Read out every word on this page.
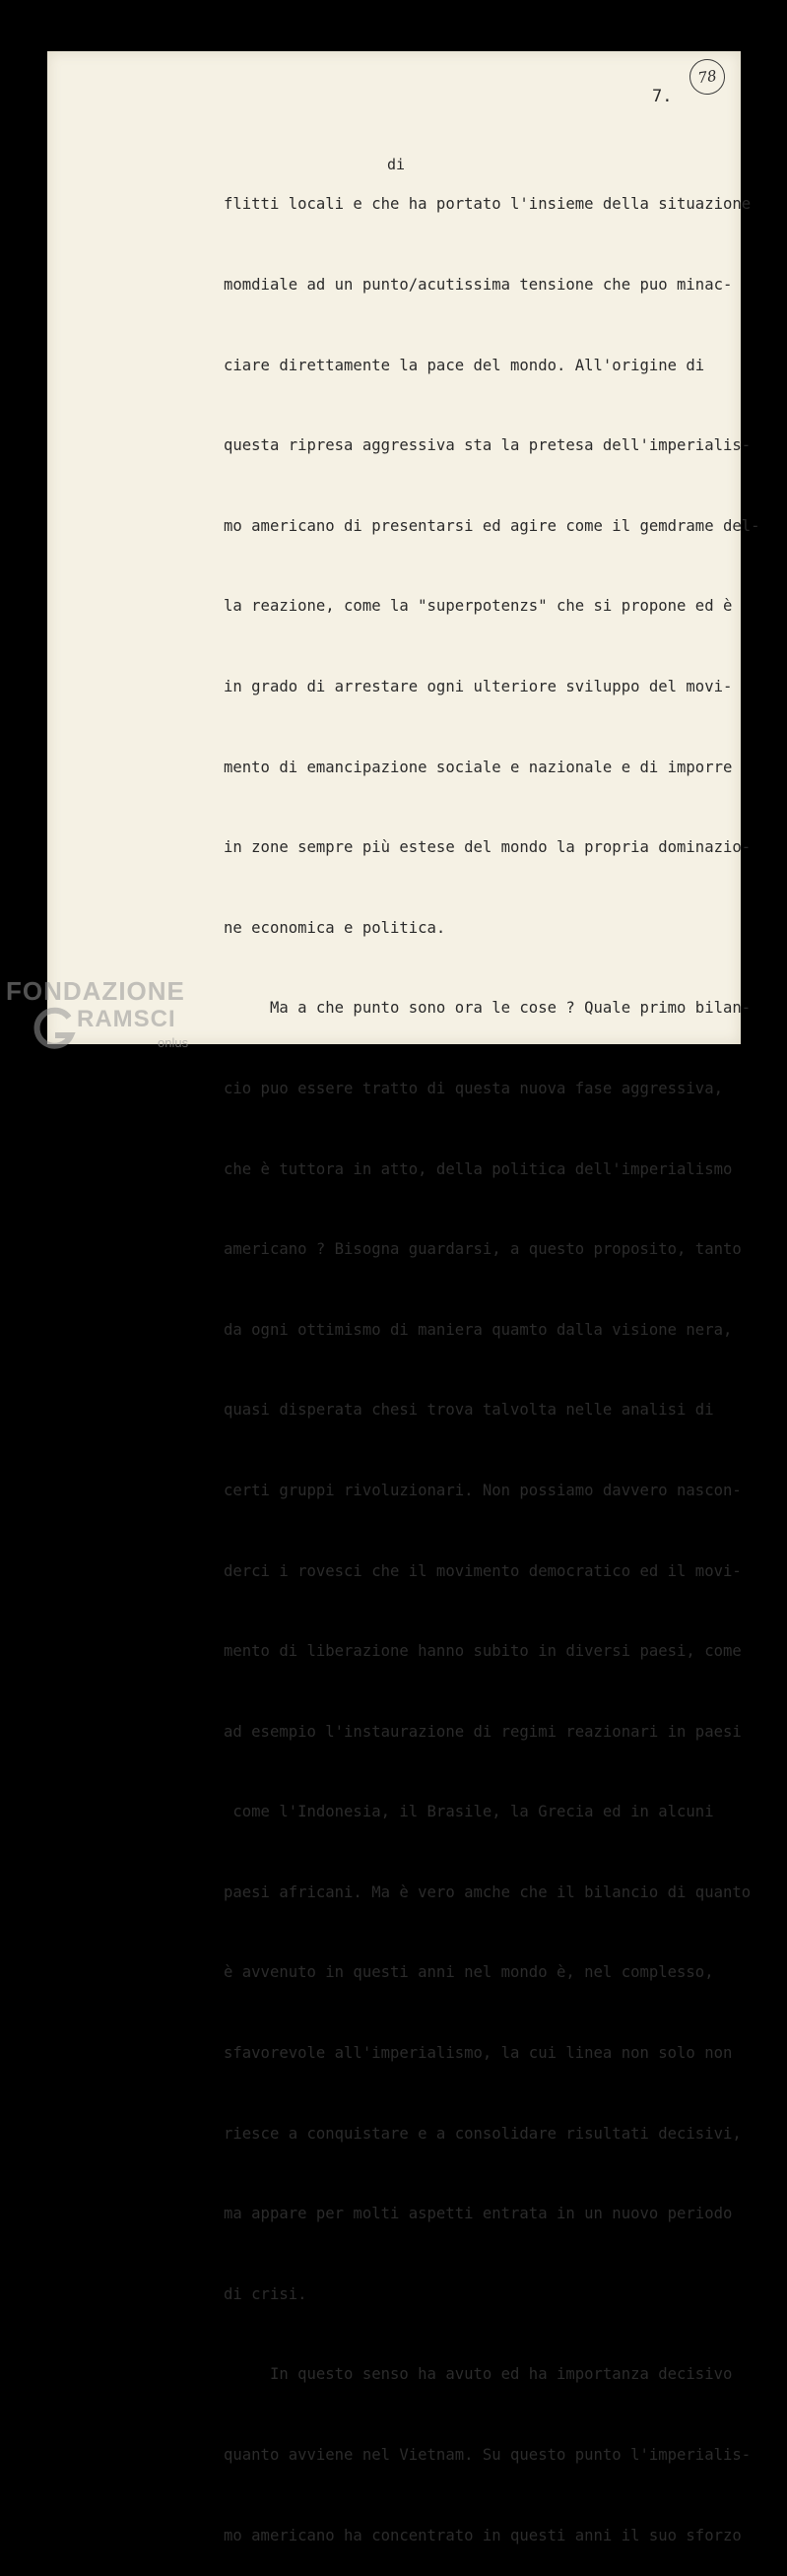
78
7.
di

flitti locali e che ha portato l'insieme della situazione

momdiale ad un punto/acutissima tensione che puo minac-

ciare direttamente la pace del mondo. All'origine di

questa ripresa aggressiva sta la pretesa dell'imperialis-

mo americano di presentarsi ed agire come il gemdrame del-

la reazione, come la "superpotenzs" che si propone ed è

in grado di arrestare ogni ulteriore sviluppo del movi-

mento di emancipazione sociale e nazionale e di imporre

in zone sempre più estese del mondo la propria dominazio-

ne economica e politica.

Ma a che punto sono ora le cose ? Quale primo bilan-

cio puo essere tratto di questa nuova fase aggressiva,

che è tuttora in atto, della politica dell'imperialismo

americano ? Bisogna guardarsi, a questo proposito, tanto

da ogni ottimismo di maniera quamto dalla visione nera,

quasi disperata chesi trova talvolta nelle analisi di

certi gruppi rivoluzionari. Non possiamo davvero nascon-

derci i rovesci che il movimento democratico ed il movi-

mento di liberazione hanno subito in diversi paesi, come

ad esempio l'instaurazione di regimi reazionari in paesi

come l'Indonesia, il Brasile, la Grecia ed in alcuni

paesi africani. Ma è vero amche che il bilancio di quanto

è avvenuto in questi anni nel mondo è, nel complesso,

sfavorevole all'imperialismo, la cui linea non solo non

riesce a conquistare e a consolidare risultati decisivi,

ma appare per molti aspetti entrata in un nuovo periodo

di crisi.

In questo senso ha avuto ed ha importanza decisivo

quanto avviene nel Vietnam. Su questo punto l'imperialis-

mo americano ha concentrato in questi anni il suo sforzo

FONDAZIONE
RAMSCI
onlus
